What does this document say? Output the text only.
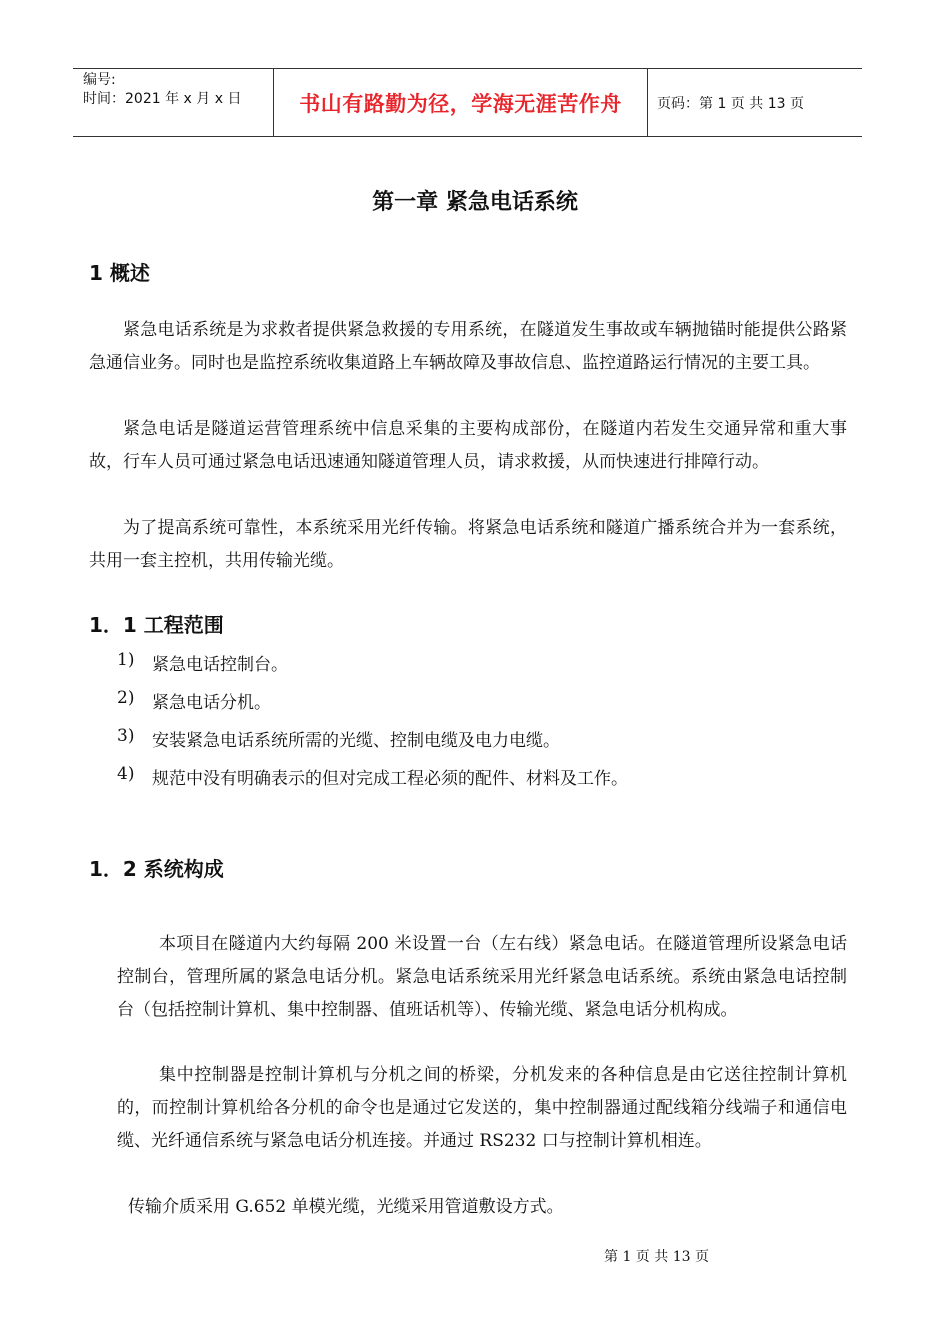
编号:
时间：2021 年 x 月 x 日	书山有路勤为径，学海无涯苦作舟	页码：第 1 页 共 13 页
第一章 紧急电话系统
1 概述
紧急电话系统是为求救者提供紧急救援的专用系统，在隧道发生事故或车辆抛锚时能提供公路紧急通信业务。同时也是监控系统收集道路上车辆故障及事故信息、监控道路运行情况的主要工具。
紧急电话是隧道运营管理系统中信息采集的主要构成部份，在隧道内若发生交通异常和重大事故，行车人员可通过紧急电话迅速通知隧道管理人员，请求救援，从而快速进行排障行动。
为了提高系统可靠性，本系统采用光纤传输。将紧急电话系统和隧道广播系统合并为一套系统，共用一套主控机，共用传输光缆。
1．1 工程范围
1)	紧急电话控制台。
2)	紧急电话分机。
3)	安装紧急电话系统所需的光缆、控制电缆及电力电缆。
4)	规范中没有明确表示的但对完成工程必须的配件、材料及工作。
1．2 系统构成
本项目在隧道内大约每隔 200 米设置一台（左右线）紧急电话。在隧道管理所设紧急电话控制台，管理所属的紧急电话分机。紧急电话系统采用光纤紧急电话系统。系统由紧急电话控制台（包括控制计算机、集中控制器、值班话机等）、传输光缆、紧急电话分机构成。
集中控制器是控制计算机与分机之间的桥梁，分机发来的各种信息是由它送往控制计算机的，而控制计算机给各分机的命令也是通过它发送的，集中控制器通过配线箱分线端子和通信电缆、光纤通信系统与紧急电话分机连接。并通过 RS232 口与控制计算机相连。
传输介质采用 G.652 单模光缆，光缆采用管道敷设方式。
第 1 页 共 13 页
